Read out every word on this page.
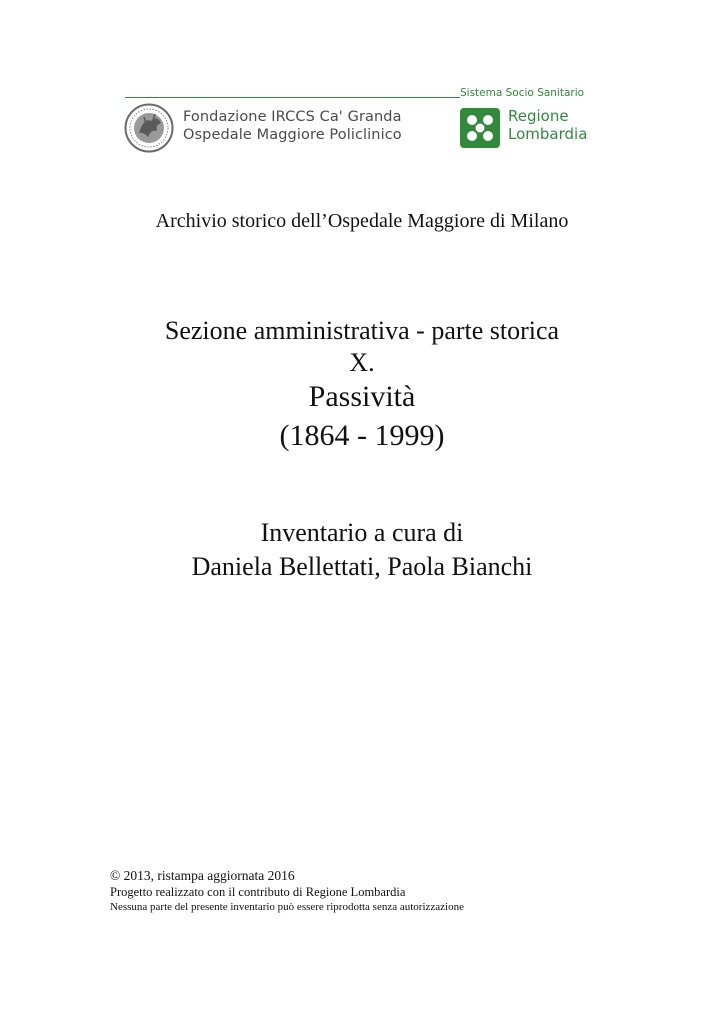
Fondazione IRCCS Ca' Granda
Ospedale Maggiore Policlinico
Sistema Socio Sanitario
Regione
Lombardia
Archivio storico dell’Ospedale Maggiore di Milano
Sezione amministrativa - parte storica
X.
Passività
(1864 - 1999)
Inventario a cura di
Daniela Bellettati, Paola Bianchi
© 2013, ristampa aggiornata 2016
Progetto realizzato con il contributo di Regione Lombardia
Nessuna parte del presente inventario può essere riprodotta senza autorizzazione
